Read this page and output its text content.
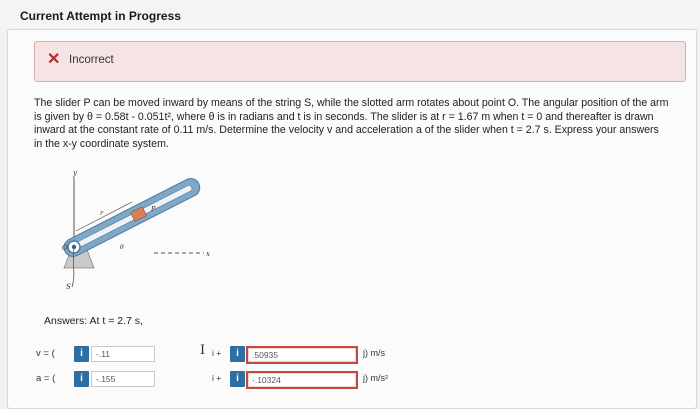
Current Attempt in Progress
✕ Incorrect

The slider P can be moved inward by means of the string S, while the slotted arm rotates about point O. The angular position of the arm

is given by θ = 0.58t - 0.051t², where θ is in radians and t is in seconds. The slider is at r = 1.67 m when t = 0 and thereafter is drawn

inward at the constant rate of 0.11 m/s. Determine the velocity v and acceleration a of the slider when t = 2.7 s. Express your answers

in the x-y coordinate system.

y
x
O
r	P
θ
S
Answers: At t = 2.7 s,
v = (	i	-.11	I i +	i	.50935	j) m/s
a = (	i	-.155	i +	i	-.10324	j) m/s²
